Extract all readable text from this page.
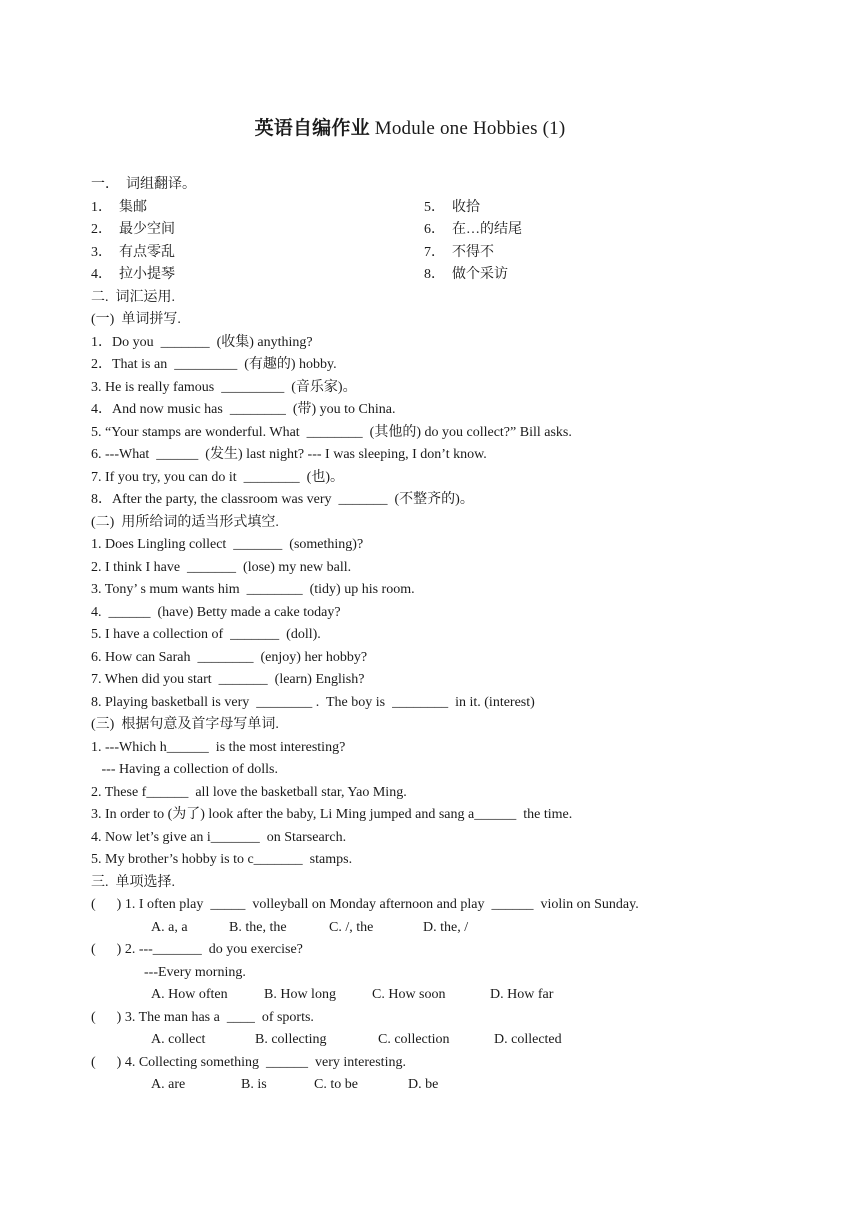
英语自编作业 Module one Hobbies (1)
一．  词组翻译。
1．  集邮	5．  收拾
2．  最少空间	6．  在…的结尾
3．  有点零乱	7．  不得不
4．  拉小提琴	8．  做个采访
二.  词汇运用.
(一)  单词拼写.
1．Do you  _______  (收集) anything?
2．That is an  _________  (有趣的) hobby.
3. He is really famous  _________  (音乐家)。
4．And now music has  ________  (带) you to China.
5. “Your stamps are wonderful. What  ________  (其他的) do you collect?” Bill asks.
6. ---What  ______  (发生) last night? --- I was sleeping, I don’t know.
7. If you try, you can do it  ________  (也)。
8．After the party, the classroom was very  _______  (不整齐的)。
(二)  用所给词的适当形式填空.
1. Does Lingling collect  _______  (something)?
2. I think I have  _______  (lose) my new ball.
3. Tony’ s mum wants him  ________  (tidy) up his room.
4.  ______  (have) Betty made a cake today?
5. I have a collection of  _______  (doll).
6. How can Sarah  ________  (enjoy) her hobby?
7. When did you start  _______  (learn) English?
8. Playing basketball is very  ________ .  The boy is  ________  in it. (interest)
(三)  根据句意及首字母写单词.
1. ---Which h______  is the most interesting?
--- Having a collection of dolls.
2. These f______  all love the basketball star, Yao Ming.
3. In order to (为了) look after the baby, Li Ming jumped and sang a______  the time.
4. Now let’s give an i_______  on Starsearch.
5. My brother’s hobby is to c_______  stamps.
三.  单项选择.
(      ) 1. I often play  _____  volleyball on Monday afternoon and play  ______  violin on Sunday.

A. a, a

	B. the, the

	C. /, the

	D. the, /

(      ) 2. ---_______  do you exercise?
---Every morning.

A. How often

	B. How long

	C. How soon

	D. How far

(      ) 3. The man has a  ____  of sports.

A. collect

	B. collecting

	C. collection

	D. collected

(      ) 4. Collecting something  ______  very interesting.

A. are

	B. is

	C. to be

	D. be
